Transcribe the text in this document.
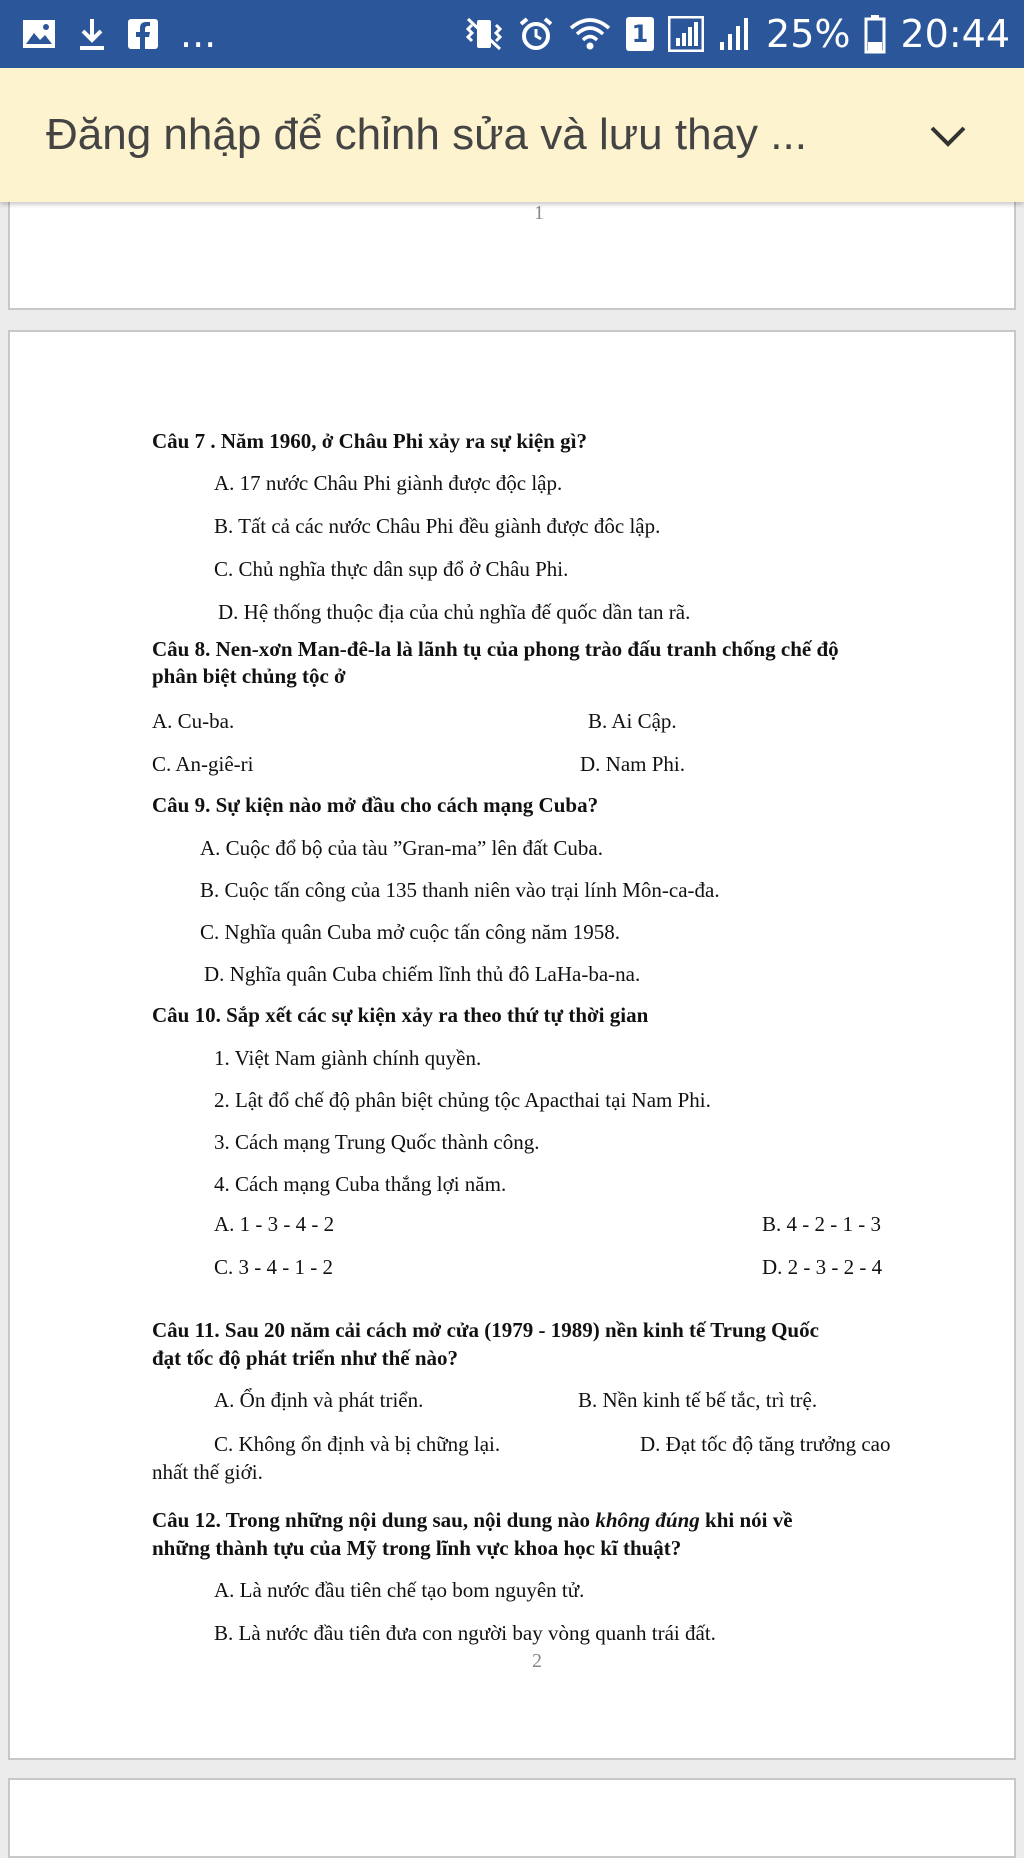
...	1	25% 20:44
Đăng nhập để chỉnh sửa và lưu thay ...
1
Câu 7 . Năm 1960, ở Châu Phi xảy ra sự kiện gì?
A. 17 nước Châu Phi giành được độc lập.
B. Tất cả các nước Châu Phi đều giành được đôc lập.
C. Chủ nghĩa thực dân sụp đổ ở Châu Phi.
D. Hệ thống thuộc địa của chủ nghĩa đế quốc dần tan rã.
Câu 8. Nen-xơn Man-đê-la là lãnh tụ của phong trào đấu tranh chống chế độ
phân biệt chủng tộc ở
A. Cu-ba.	B. Ai Cập.
C. An-giê-ri	D. Nam Phi.
Câu 9. Sự kiện nào mở đầu cho cách mạng Cuba?
A. Cuộc đổ bộ của tàu ”Gran-ma” lên đất Cuba.
B. Cuộc tấn công của 135 thanh niên vào trại lính Môn-ca-đa.
C. Nghĩa quân Cuba mở cuộc tấn công năm 1958.
D. Nghĩa quân Cuba chiếm lĩnh thủ đô LaHa-ba-na.
Câu 10. Sắp xết các sự kiện xảy ra theo thứ tự thời gian
1. Việt Nam giành chính quyền.
2. Lật đổ chế độ phân biệt chủng tộc Apacthai tại Nam Phi.
3. Cách mạng Trung Quốc thành công.
4. Cách mạng Cuba thắng lợi năm.
A. 1 - 3 - 4 - 2	B. 4 - 2 - 1 - 3
C. 3 - 4 - 1 - 2	D. 2 - 3 - 2 - 4
Câu 11. Sau 20 năm cải cách mở cửa (1979 - 1989) nền kinh tế Trung Quốc
đạt tốc độ phát triển như thế nào?
A. Ổn định và phát triển.	B. Nền kinh tế bế tắc, trì trệ.
C. Không ổn định và bị chững lại.	D. Đạt tốc độ tăng trưởng cao
nhất thế giới.
Câu 12. Trong những nội dung sau, nội dung nào không đúng khi nói về
những thành tựu của Mỹ trong lĩnh vực khoa học kĩ thuật?
A. Là nước đầu tiên chế tạo bom nguyên tử.
B. Là nước đầu tiên đưa con người bay vòng quanh trái đất.
2
